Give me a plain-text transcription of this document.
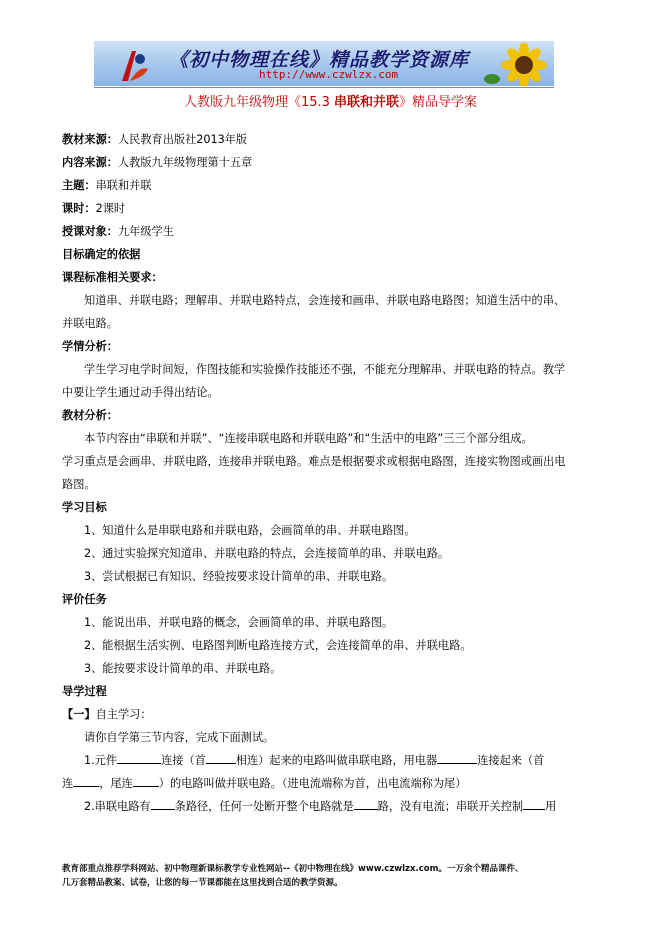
《初中物理在线》精品教学资源库
http://www.czwlzx.com
人教版九年级物理《15.3 串联和并联》精品导学案

教材来源：人民教育出版社2013年版

内容来源：人教版九年级物理第十五章

主题：串联和并联

课时：2课时

授课对象：九年级学生

目标确定的依据

课程标准相关要求：

知道串、并联电路；理解串、并联电路特点，会连接和画串、并联电路电路图；知道生活中的串、

并联电路。

学情分析：

学生学习电学时间短，作图技能和实验操作技能还不强，不能充分理解串、并联电路的特点。教学

中要让学生通过动手得出结论。

教材分析：

本节内容由“串联和并联”、“连接串联电路和并联电路”和“生活中的电路”三三个部分组成。

学习重点是会画串、并联电路，连接串并联电路。难点是根据要求或根据电路图，连接实物图或画出电

路图。

学习目标

1、知道什么是串联电路和并联电路，会画简单的串、并联电路图。

2、通过实验探究知道串、并联电路的特点，会连接简单的串、并联电路。

3、尝试根据已有知识、经验按要求设计简单的串、并联电路。

评价任务

1、能说出串、并联电路的概念，会画简单的串、并联电路图。

2、能根据生活实例、电路图判断电路连接方式，会连接简单的串、并联电路。

3、能按要求设计简单的串、并联电路。

导学过程

【一】自主学习：

请你自学第三节内容，完成下面测试。

1.元件	连接（首	相连）起来的电路叫做串联电路，用电器	连接起来（首

连 ，尾连 ）的电路叫做并联电路。（进电流端称为首，出电流端称为尾）

2.串联电路有 条路径，任何一处断开整个电路就是 路，没有电流；串联开关控制 用

教育部重点推荐学科网站、初中物理新课标教学专业性网站--《初中物理在线》www.czwlzx.com。一万余个精品课件、

几万套精品教案、试卷，让您的每一节课都能在这里找到合适的教学资源。
